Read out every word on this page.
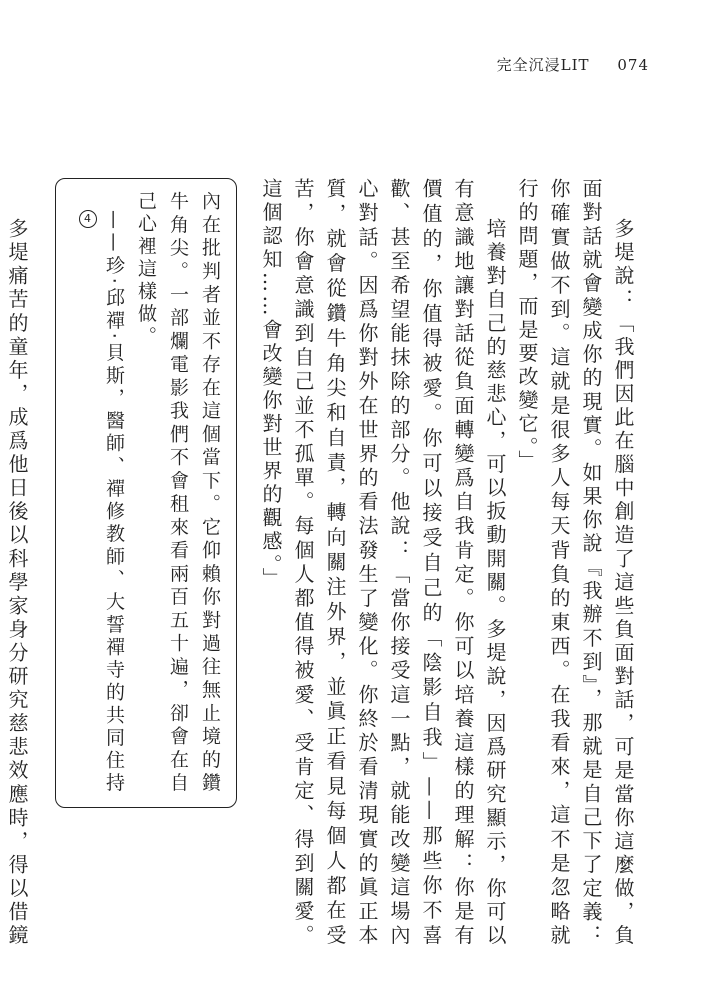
完全沉浸LIT 074

多堤說：「我們因此在腦中創造了這些負面對話，可是當你這麼做，負面對話就會變成你的現實。如果你說『我辦不到』，那就是自己下了定義：你確實做不到。這就是很多人每天背負的東西。在我看來，這不是忽略就行的問題，而是要改變它。」

培養對自己的慈悲心，可以扳動開關。多堤說，因爲研究顯示，你可以有意識地讓對話從負面轉變爲自我肯定。你可以培養這樣的理解：你是有價值的，你值得被愛。你可以接受自己的「陰影自我」——那些你不喜歡、甚至希望能抹除的部分。他說：「當你接受這一點，就能改變這場內心對話。因爲你對外在世界的看法發生了變化。你終於看清現實的眞正本質，就會從鑽牛角尖和自責，轉向關注外界，並眞正看見每個人都在受苦，你會意識到自己並不孤單。每個人都值得被愛、受肯定、得到關愛。這個認知……會改變你對世界的觀感。」

內在批判者並不存在這個當下。它仰賴你對過往無止境的鑽牛角尖。一部爛電影我們不會租來看兩百五十遍，卻會在自己心裡這樣做。

——珍·邱禪·貝斯，醫師、禪修教師、大誓禪寺的共同住持4

多堤痛苦的童年，成爲他日後以科學家身分研究慈悲效應時，得以借鏡
